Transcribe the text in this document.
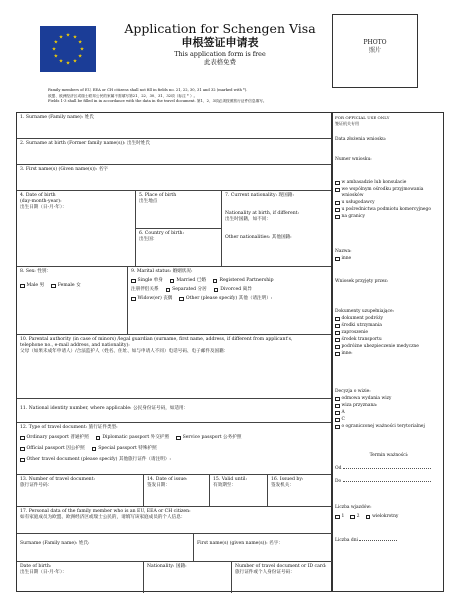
★
★
★
★
★
★
★
★
★ ★ ★
★
Application for Schengen Visa
申根签证申请表
This application form is free
此表格免费
PHOTO
照片
Family members of EU, EEA or CH citizens shall not fill in fields no. 21, 22, 30, 31 and 32 (marked with *).
欧盟、欧洲经济区或瑞士联邦公民的家属不需填写第21、22、30、31、32项（标注 * ）。
Fields 1-3 shall be filled in in accordance with the data in the travel document. 第1、2、3项必须按照旅行证件信息填写。
1. Surname (Family name): 姓氏
2. Surname at birth (Former family name(s)): 出生时姓氏
3. First name(s) (Given name(s)): 名字
4. Date of birth
(day-month-year):
出生日期（日-月-年）：
5. Place of birth
出生地点
6. Country of birth:
出生国：
7. Current nationality: 现国籍:
Nationality at birth, if different:
出生时国籍，如不同：
Other nationalities: 其他国籍:
8. Sex: 性别：
Male 男	Female 女
9. Marital status: 婚姻状况:
Single 单身	Married 已婚	Registered Partnership
注册伴侣关系	Separated 分居	Divorced 离异
Widow(er) 丧偶	Other (please specify) 其他（请注明）:
10. Parental authority (in case of minors) /legal guardian (surname, first name, address, if different from applicant's,
telephone no., e-mail address, and nationality):
父母（如果未成年申请人）/合法监护人（姓名、住址、如与申请人不同）电话号码、电子邮件及国籍：
11. National identity number, where applicable: 公民身份证号码，如适用：
12. Type of travel document: 旅行证件类型:
Ordinary passport 普通护照	Diplomatic passport 外交护照	Service passport 公务护照
Official passport 因公护照	Special passport 特殊护照
Other travel document (please specify) 其他旅行证件（请注明）:
13. Number of travel document:
旅行证件号码：
14. Date of issue:
签发日期：
15. Valid until:
有效期至：
16. Issued by:
签发机关：
17. Personal data of the family member who is an EU, EEA or CH citizen:
如有家庭成员为欧盟、欧洲经济区或瑞士公民的，请填写该家庭成员的个人信息：
Surname (Family name): 姓氏:	First name(s) (given name(s)): 名字：
Date of birth:
出生日期（日-月-年）：
Nationality: 国籍:	Number of travel document or ID card:
旅行证件或个人身份证号码：
FOR OFFICIAL USE ONLY
签证机关专用
Data złożenia wniosku:
Numer wniosku:
w ambasadzie lub konsulacie
we wspólnym ośrodku przyjmowania wniosków
u usługodawcy
u pośrednictwa podmiotu komercyjnego
na granicy
Nazwa:
inne
Wniosek przyjęty przez:
Dokumenty uzupełniające:
dokument podróży
środki utrzymania
zaproszenie
środek transportu
podróżne ubezpieczenie medyczne
inne:
Decyzja o wizie:
odmowa wydania wizy
wiza przyznana:
A
C
o ograniczonej ważności terytorialnej
Termin ważności:
Od
Do
Liczba wjazdów:
1	2	wielokrotny
Liczba dni
